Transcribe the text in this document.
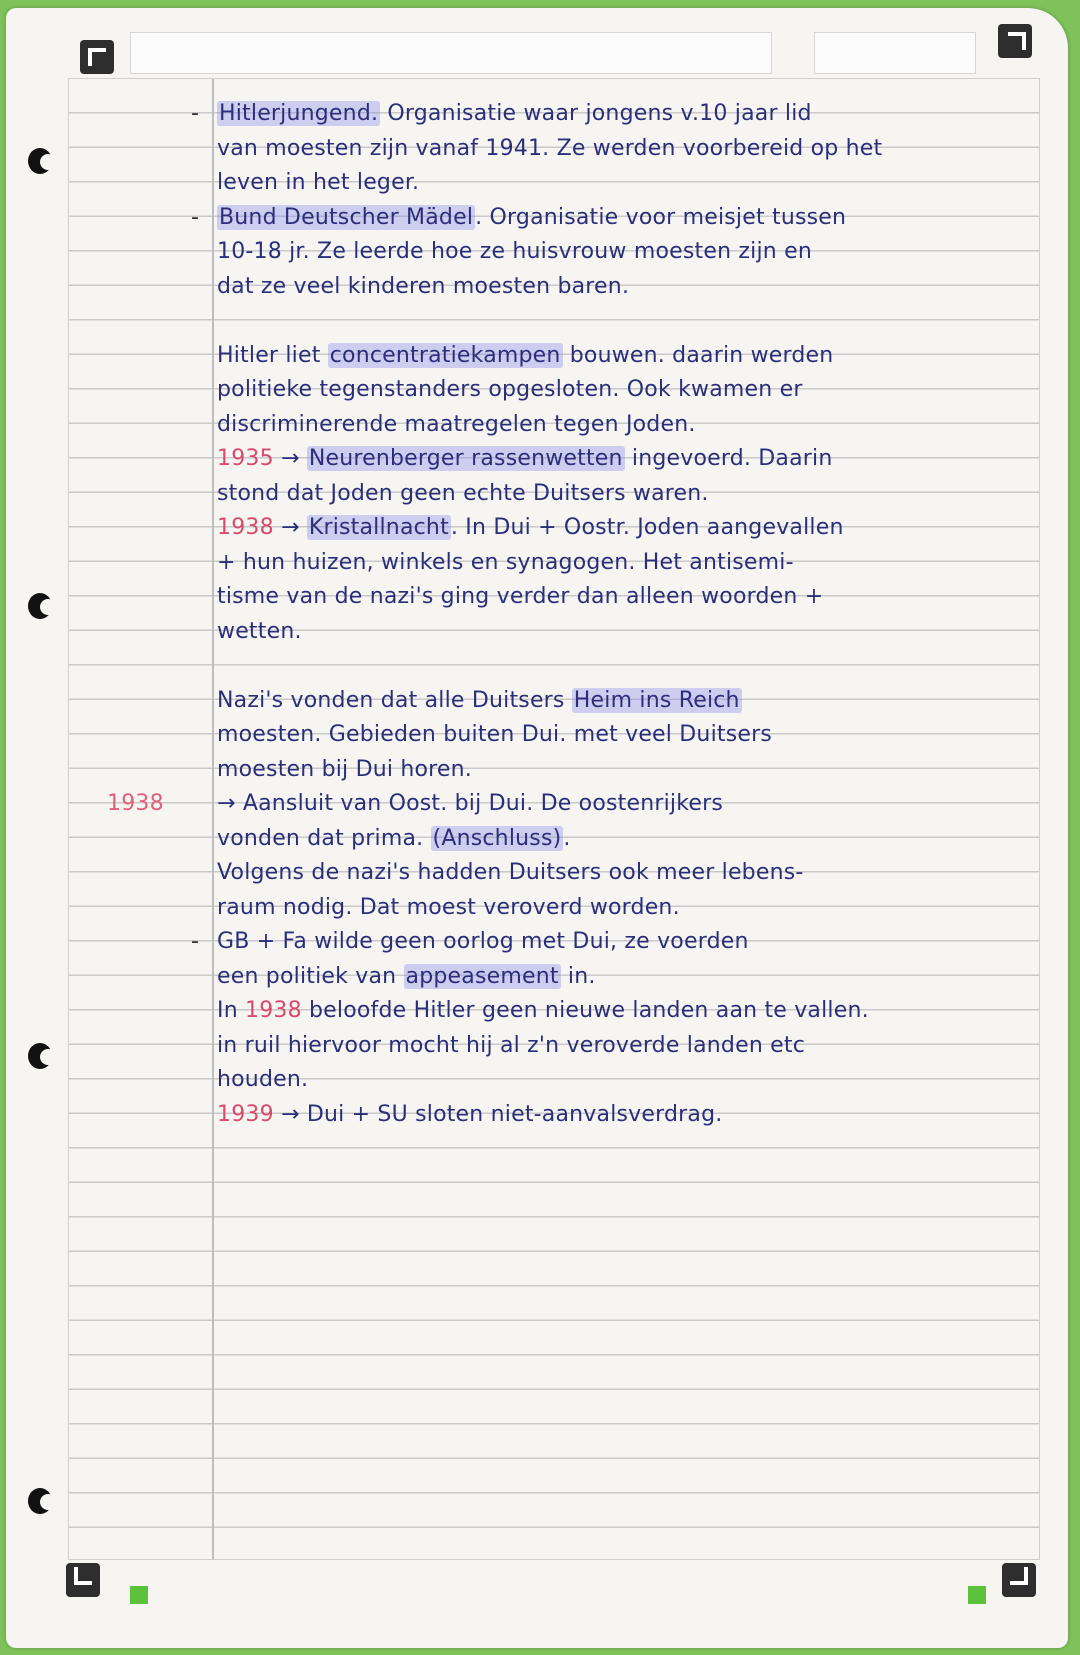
- Hitlerjungend. Organisatie waar jongens v.10 jaar lid
van moesten zijn vanaf 1941. Ze werden voorbereid op het
leven in het leger.
- Bund Deutscher Mädel. Organisatie voor meisjet tussen
10-18 jr. Ze leerde hoe ze huisvrouw moesten zijn en
dat ze veel kinderen moesten baren.
Hitler liet concentratiekampen bouwen. daarin werden
politieke tegenstanders opgesloten. Ook kwamen er
discriminerende maatregelen tegen Joden.
1935 → Neurenberger rassenwetten ingevoerd. Daarin
stond dat Joden geen echte Duitsers waren.
1938 → Kristallnacht. In Dui + Oostr. Joden aangevallen
+ hun huizen, winkels en synagogen. Het antisemi-
tisme van de nazi's ging verder dan alleen woorden +
wetten.
Nazi's vonden dat alle Duitsers Heim ins Reich
moesten. Gebieden buiten Dui. met veel Duitsers
moesten bij Dui horen.
1938 → Aansluit van Oost. bij Dui. De oostenrijkers
vonden dat prima. (Anschluss).
Volgens de nazi's hadden Duitsers ook meer lebens-
raum nodig. Dat moest veroverd worden.
- GB + Fa wilde geen oorlog met Dui, ze voerden
een politiek van appeasement in.
In 1938 beloofde Hitler geen nieuwe landen aan te vallen.
in ruil hiervoor mocht hij al z'n veroverde landen etc
houden.
1939 → Dui + SU sloten niet-aanvalsverdrag.
